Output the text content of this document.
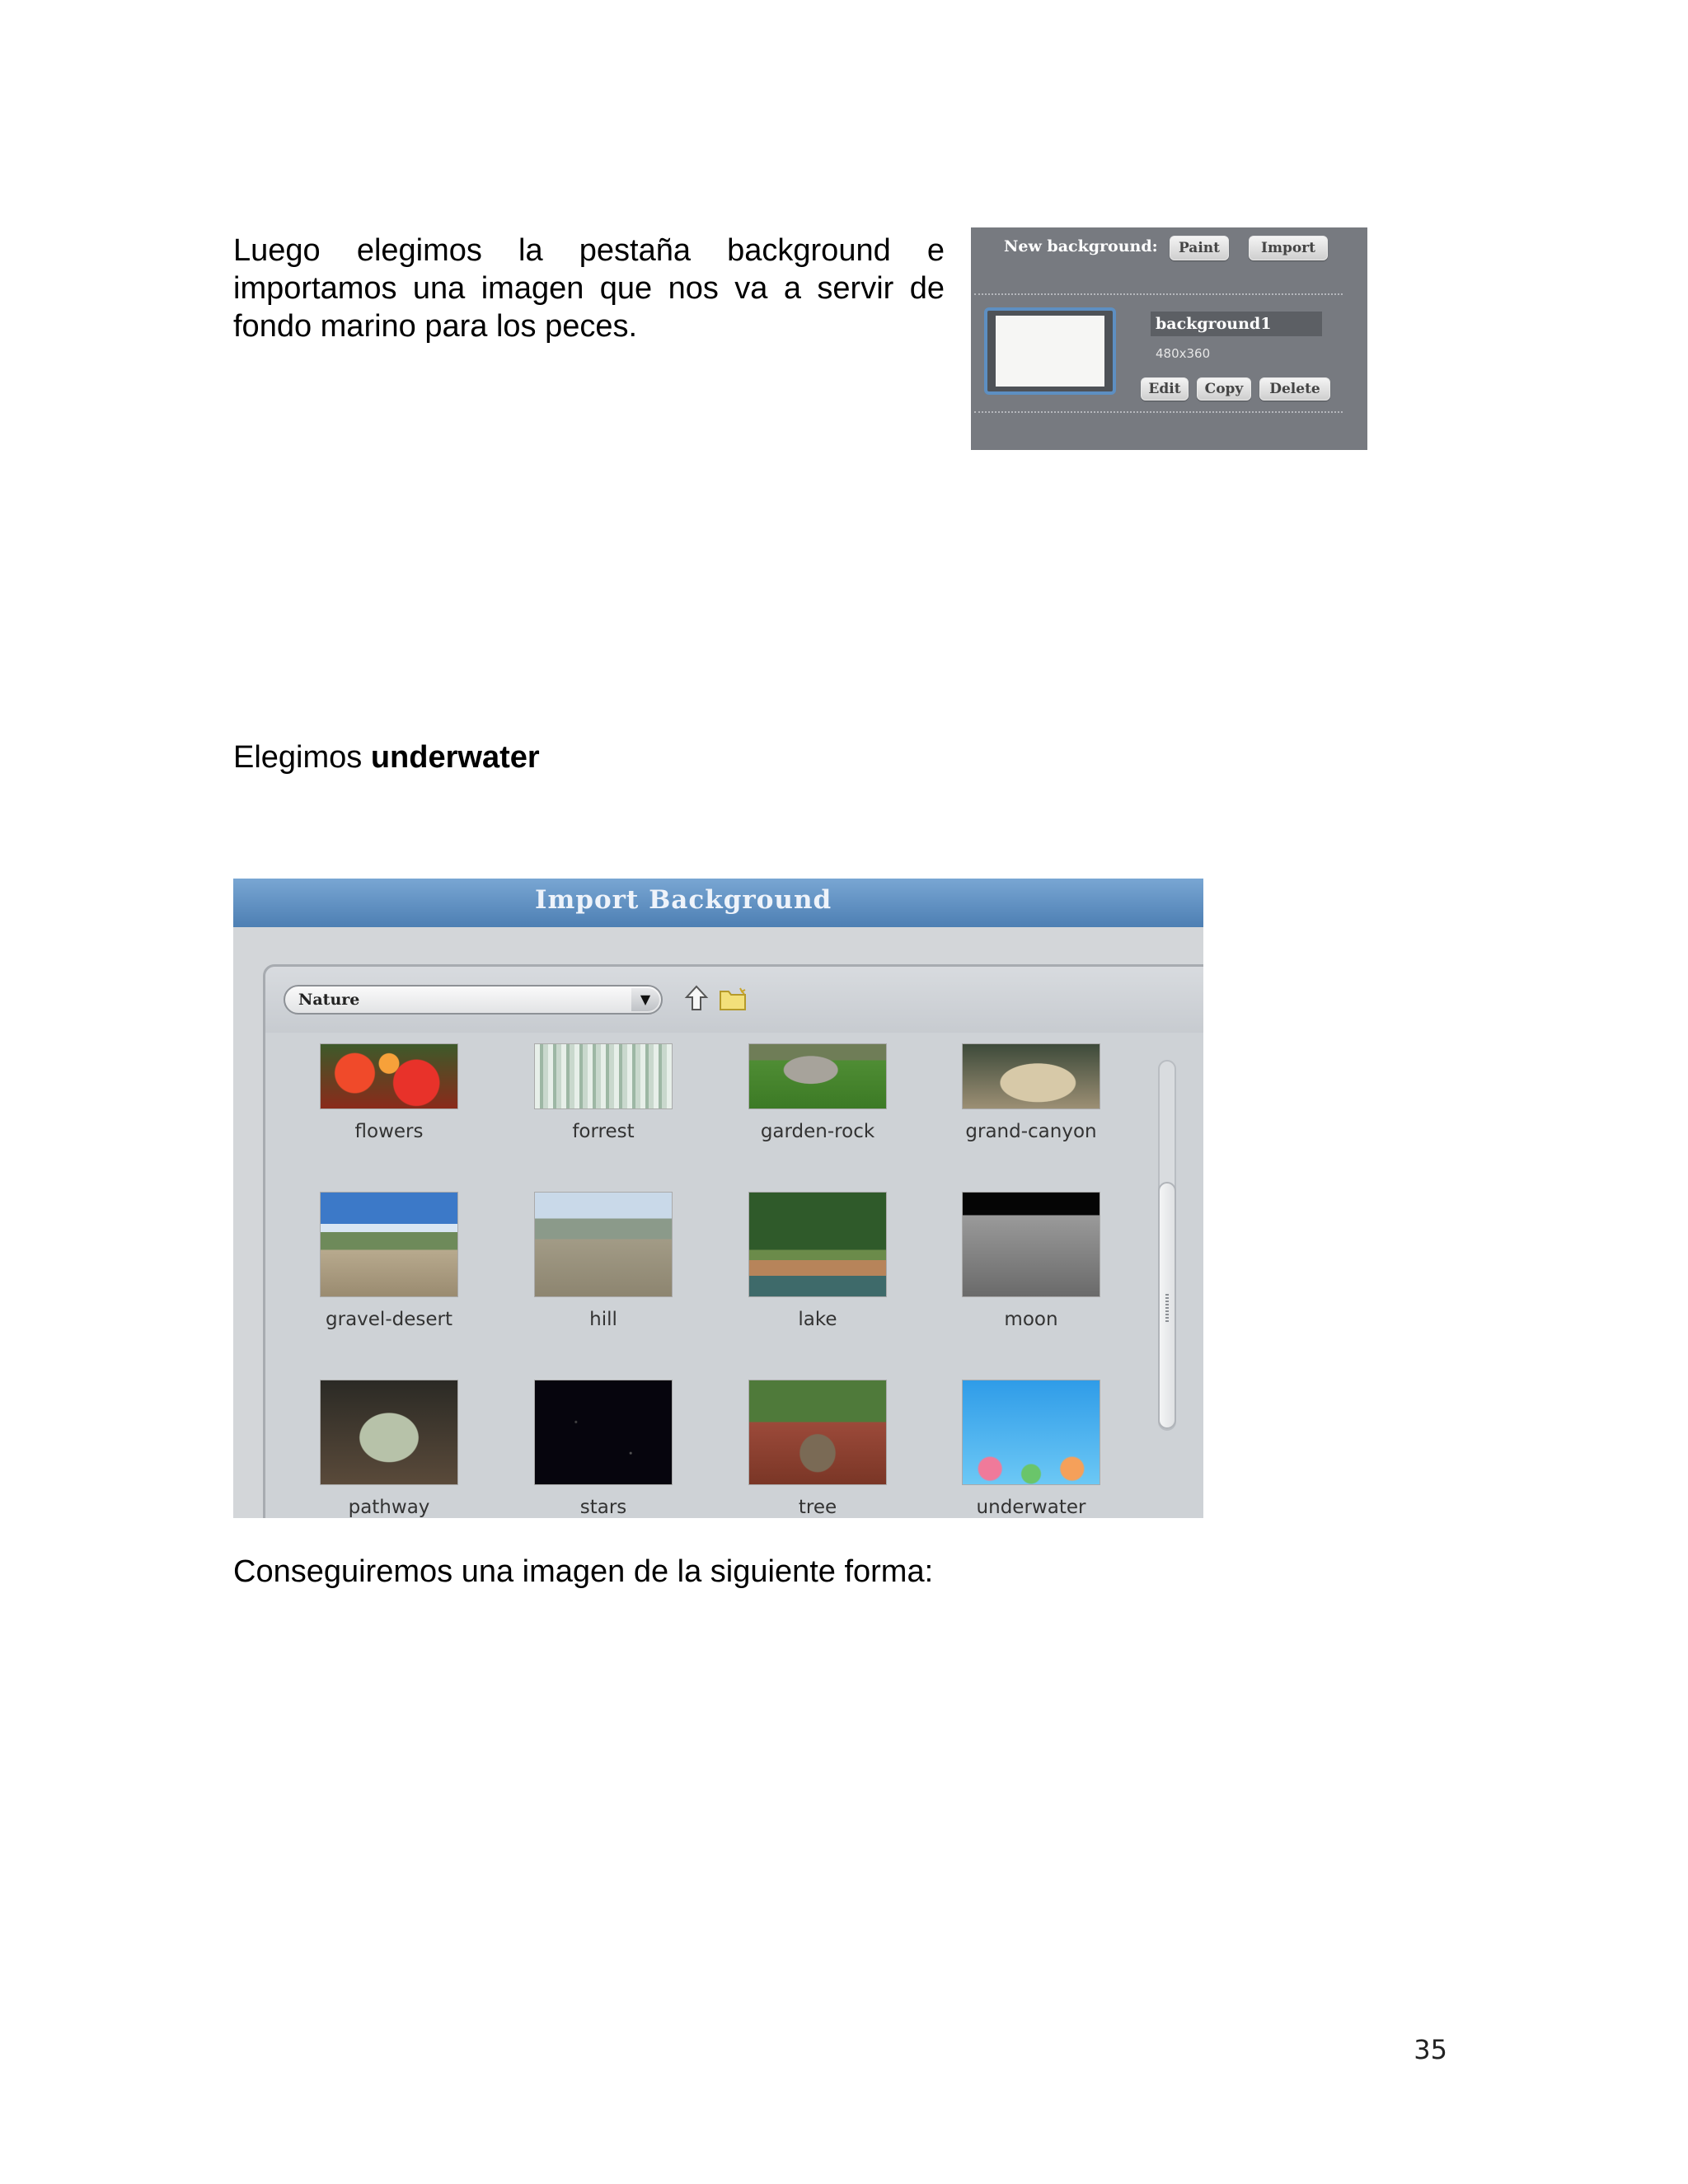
Luego elegimos la pestaña background e importamos una imagen que nos va a servir de fondo marino para los peces.

New background:	Paint	Import
background1
480x360
Edit	Copy	Delete

Elegimos underwater

Import Background
Nature	▼
flowers	forrest	garden-rock	grand-canyon
gravel-desert	hill	lake	moon
pathway	stars	tree	underwater

Conseguiremos una imagen de la siguiente forma:

35
